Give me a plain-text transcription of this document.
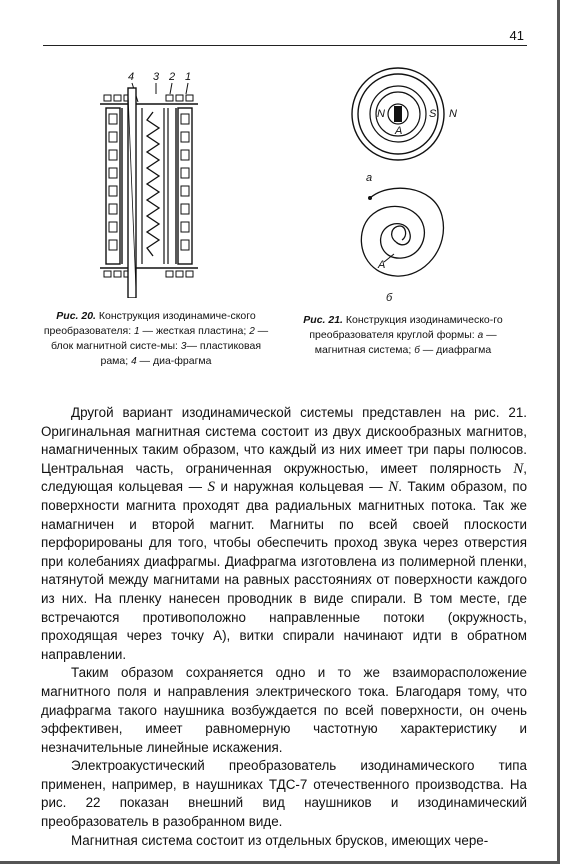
41
4 3 2 1
Рис. 20. Конструкция изодинамиче-ского преобразователя: 1 — жесткая пластина; 2 — блок магнитной систе-мы: 3— пластиковая рама; 4 — диа-фрагма
N	S N
A
а
A
б
Рис. 21. Конструкция изодинамическо-го преобразователя круглой формы: а — магнитная система; б — диафрагма

Другой вариант изодинамической системы представлен на рис. 21. Оригинальная магнитная система состоит из двух дискообразных магнитов, намагниченных таким образом, что каждый из них имеет три пары полюсов. Центральная часть, ограниченная окружностью, имеет полярность N, следующая кольцевая — S и наружная кольцевая — N. Таким образом, по поверхности магнита проходят два радиальных магнитных потока. Так же намагничен и второй магнит. Магниты по всей своей плоскости перфорированы для того, чтобы обеспечить проход звука через отверстия при колебаниях диафрагмы. Диафрагма изготовлена из полимерной пленки, натянутой между магнитами на равных расстояниях от поверхности каждого из них. На пленку нанесен проводник в виде спирали. В том месте, где встречаются противоположно направленные потоки (окружность, проходящая через точку А), витки спирали начинают идти в обратном направлении.

Таким образом сохраняется одно и то же взаиморасположение магнитного поля и направления электрического тока. Благодаря тому, что диафрагма такого наушника возбуждается по всей поверхности, он очень эффективен, имеет равномерную частотную характеристику и незначительные линейные искажения.

Электроакустический преобразователь изодинамического типа применен, например, в наушниках ТДС-7 отечественного производства. На рис. 22 показан внешний вид наушников и изодинамический преобразователь в разобранном виде.

Магнитная система состоит из отдельных брусков, имеющих чере-
